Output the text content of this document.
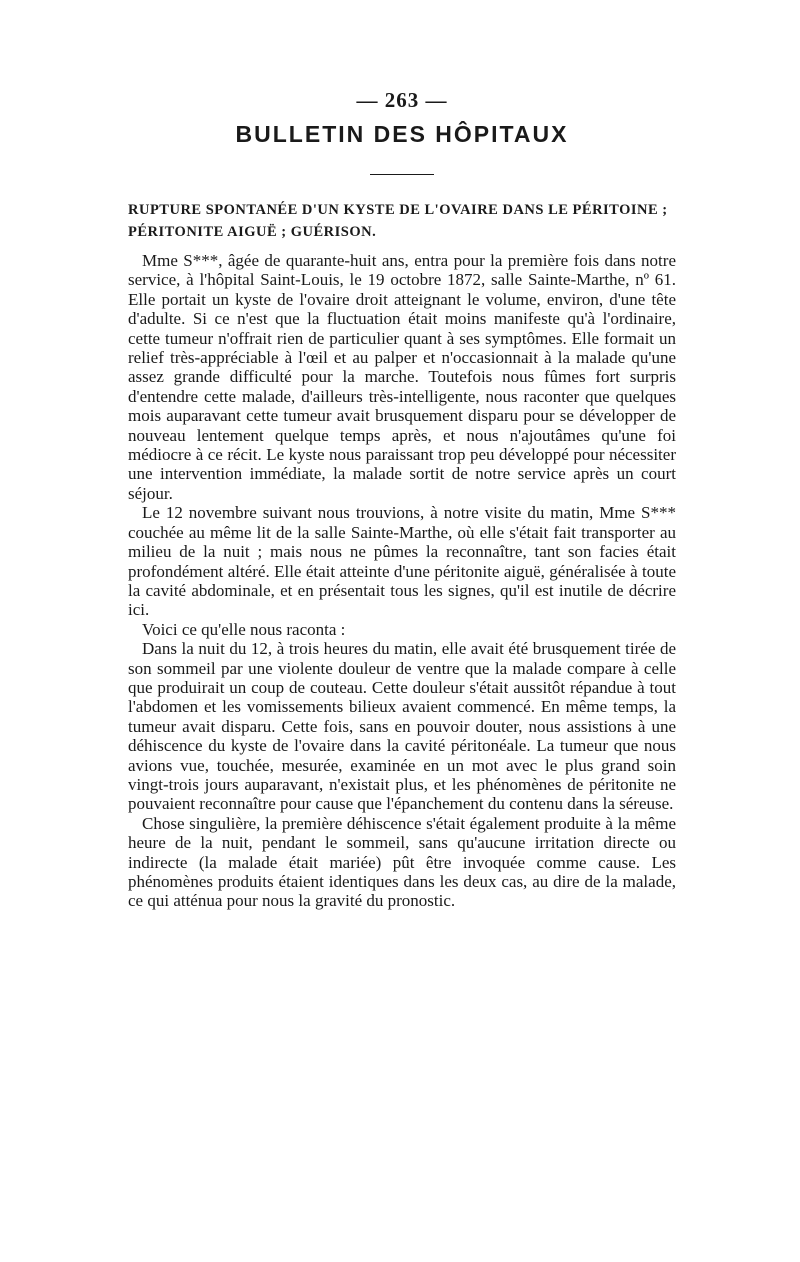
— 263 —
BULLETIN DES HÔPITAUX
RUPTURE SPONTANÉE D'UN KYSTE DE L'OVAIRE DANS LE PÉRITOINE ;
PÉRITONITE AIGUË ; GUÉRISON.

Mme S***, âgée de quarante-huit ans, entra pour la première fois dans notre service, à l'hôpital Saint-Louis, le 19 octobre 1872, salle Sainte-Marthe, nº 61. Elle portait un kyste de l'ovaire droit atteignant le volume, environ, d'une tête d'adulte. Si ce n'est que la fluctuation était moins manifeste qu'à l'ordinaire, cette tumeur n'offrait rien de particulier quant à ses symptômes. Elle formait un relief très-appréciable à l'œil et au palper et n'occasionnait à la malade qu'une assez grande difficulté pour la marche. Toutefois nous fûmes fort surpris d'entendre cette malade, d'ailleurs très-intelligente, nous raconter que quelques mois auparavant cette tumeur avait brusquement disparu pour se développer de nouveau lentement quelque temps après, et nous n'ajoutâmes qu'une foi médiocre à ce récit. Le kyste nous paraissant trop peu développé pour nécessiter une intervention immédiate, la malade sortit de notre service après un court séjour.

Le 12 novembre suivant nous trouvions, à notre visite du matin, Mme S*** couchée au même lit de la salle Sainte-Marthe, où elle s'était fait transporter au milieu de la nuit ; mais nous ne pûmes la reconnaître, tant son facies était profondément altéré. Elle était atteinte d'une péritonite aiguë, généralisée à toute la cavité abdominale, et en présentait tous les signes, qu'il est inutile de décrire ici.

Voici ce qu'elle nous raconta :

Dans la nuit du 12, à trois heures du matin, elle avait été brusquement tirée de son sommeil par une violente douleur de ventre que la malade compare à celle que produirait un coup de couteau. Cette douleur s'était aussitôt répandue à tout l'abdomen et les vomissements bilieux avaient commencé. En même temps, la tumeur avait disparu. Cette fois, sans en pouvoir douter, nous assistions à une déhiscence du kyste de l'ovaire dans la cavité péritonéale. La tumeur que nous avions vue, touchée, mesurée, examinée en un mot avec le plus grand soin vingt-trois jours auparavant, n'existait plus, et les phénomènes de péritonite ne pouvaient reconnaître pour cause que l'épanchement du contenu dans la séreuse.

Chose singulière, la première déhiscence s'était également produite à la même heure de la nuit, pendant le sommeil, sans qu'aucune irritation directe ou indirecte (la malade était mariée) pût être invoquée comme cause. Les phénomènes produits étaient identiques dans les deux cas, au dire de la malade, ce qui atténua pour nous la gravité du pronostic.
